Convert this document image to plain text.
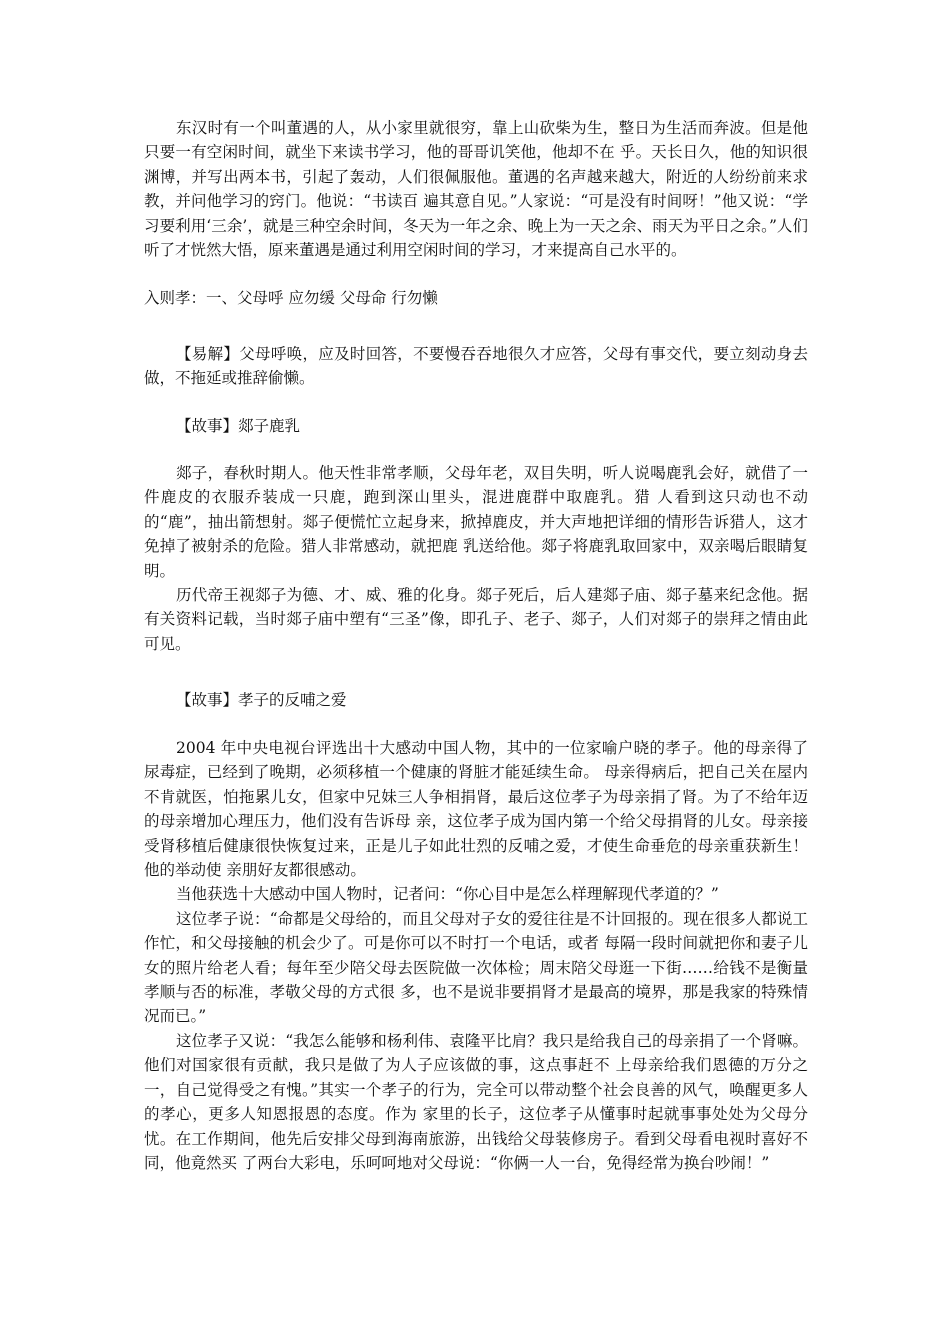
东汉时有一个叫董遇的人，从小家里就很穷，靠上山砍柴为生，整日为生活而奔波。但是他只要一有空闲时间，就坐下来读书学习，他的哥哥讥笑他，他却不在 乎。天长日久，他的知识很渊博，并写出两本书，引起了轰动，人们很佩服他。董遇的名声越来越大，附近的人纷纷前来求教，并问他学习的窍门。他说：“书读百 遍其意自见。”人家说：“可是没有时间呀！”他又说：“学习要利用‘三余’，就是三种空余时间，冬天为一年之余、晚上为一天之余、雨天为平日之余。”人们 听了才恍然大悟，原来董遇是通过利用空闲时间的学习，才来提高自己水平的。

入则孝：一、父母呼 应勿缓 父母命 行勿懒

【易解】父母呼唤，应及时回答，不要慢吞吞地很久才应答，父母有事交代，要立刻动身去做，不拖延或推辞偷懒。

【故事】郯子鹿乳

郯子，春秋时期人。他天性非常孝顺，父母年老，双目失明，听人说喝鹿乳会好，就借了一件鹿皮的衣服乔装成一只鹿，跑到深山里头，混进鹿群中取鹿乳。猎 人看到这只动也不动的“鹿”，抽出箭想射。郯子便慌忙立起身来，掀掉鹿皮，并大声地把详细的情形告诉猎人，这才免掉了被射杀的危险。猎人非常感动，就把鹿 乳送给他。郯子将鹿乳取回家中，双亲喝后眼睛复明。

历代帝王视郯子为德、才、威、雅的化身。郯子死后，后人建郯子庙、郯子墓来纪念他。据有关资料记载，当时郯子庙中塑有“三圣”像，即孔子、老子、郯子，人们对郯子的崇拜之情由此可见。

【故事】孝子的反哺之爱

2004 年中央电视台评选出十大感动中国人物，其中的一位家喻户晓的孝子。他的母亲得了尿毒症，已经到了晚期，必须移植一个健康的肾脏才能延续生命。 母亲得病后，把自己关在屋内不肯就医，怕拖累儿女，但家中兄妹三人争相捐肾，最后这位孝子为母亲捐了肾。为了不给年迈的母亲增加心理压力，他们没有告诉母 亲，这位孝子成为国内第一个给父母捐肾的儿女。母亲接受肾移植后健康很快恢复过来，正是儿子如此壮烈的反哺之爱，才使生命垂危的母亲重获新生！他的举动使 亲朋好友都很感动。

当他获选十大感动中国人物时，记者问：“你心目中是怎么样理解现代孝道的？”

这位孝子说：“命都是父母给的，而且父母对子女的爱往往是不计回报的。现在很多人都说工作忙，和父母接触的机会少了。可是你可以不时打一个电话，或者 每隔一段时间就把你和妻子儿女的照片给老人看；每年至少陪父母去医院做一次体检；周末陪父母逛一下街……给钱不是衡量孝顺与否的标准，孝敬父母的方式很 多，也不是说非要捐肾才是最高的境界，那是我家的特殊情况而已。”

这位孝子又说：“我怎么能够和杨利伟、袁隆平比肩？我只是给我自己的母亲捐了一个肾嘛。他们对国家很有贡献，我只是做了为人子应该做的事，这点事赶不 上母亲给我们恩德的万分之一，自己觉得受之有愧。”其实一个孝子的行为，完全可以带动整个社会良善的风气，唤醒更多人的孝心，更多人知恩报恩的态度。作为 家里的长子，这位孝子从懂事时起就事事处处为父母分忧。在工作期间，他先后安排父母到海南旅游，出钱给父母装修房子。看到父母看电视时喜好不同，他竟然买 了两台大彩电，乐呵呵地对父母说：“你俩一人一台，免得经常为换台吵闹！”
